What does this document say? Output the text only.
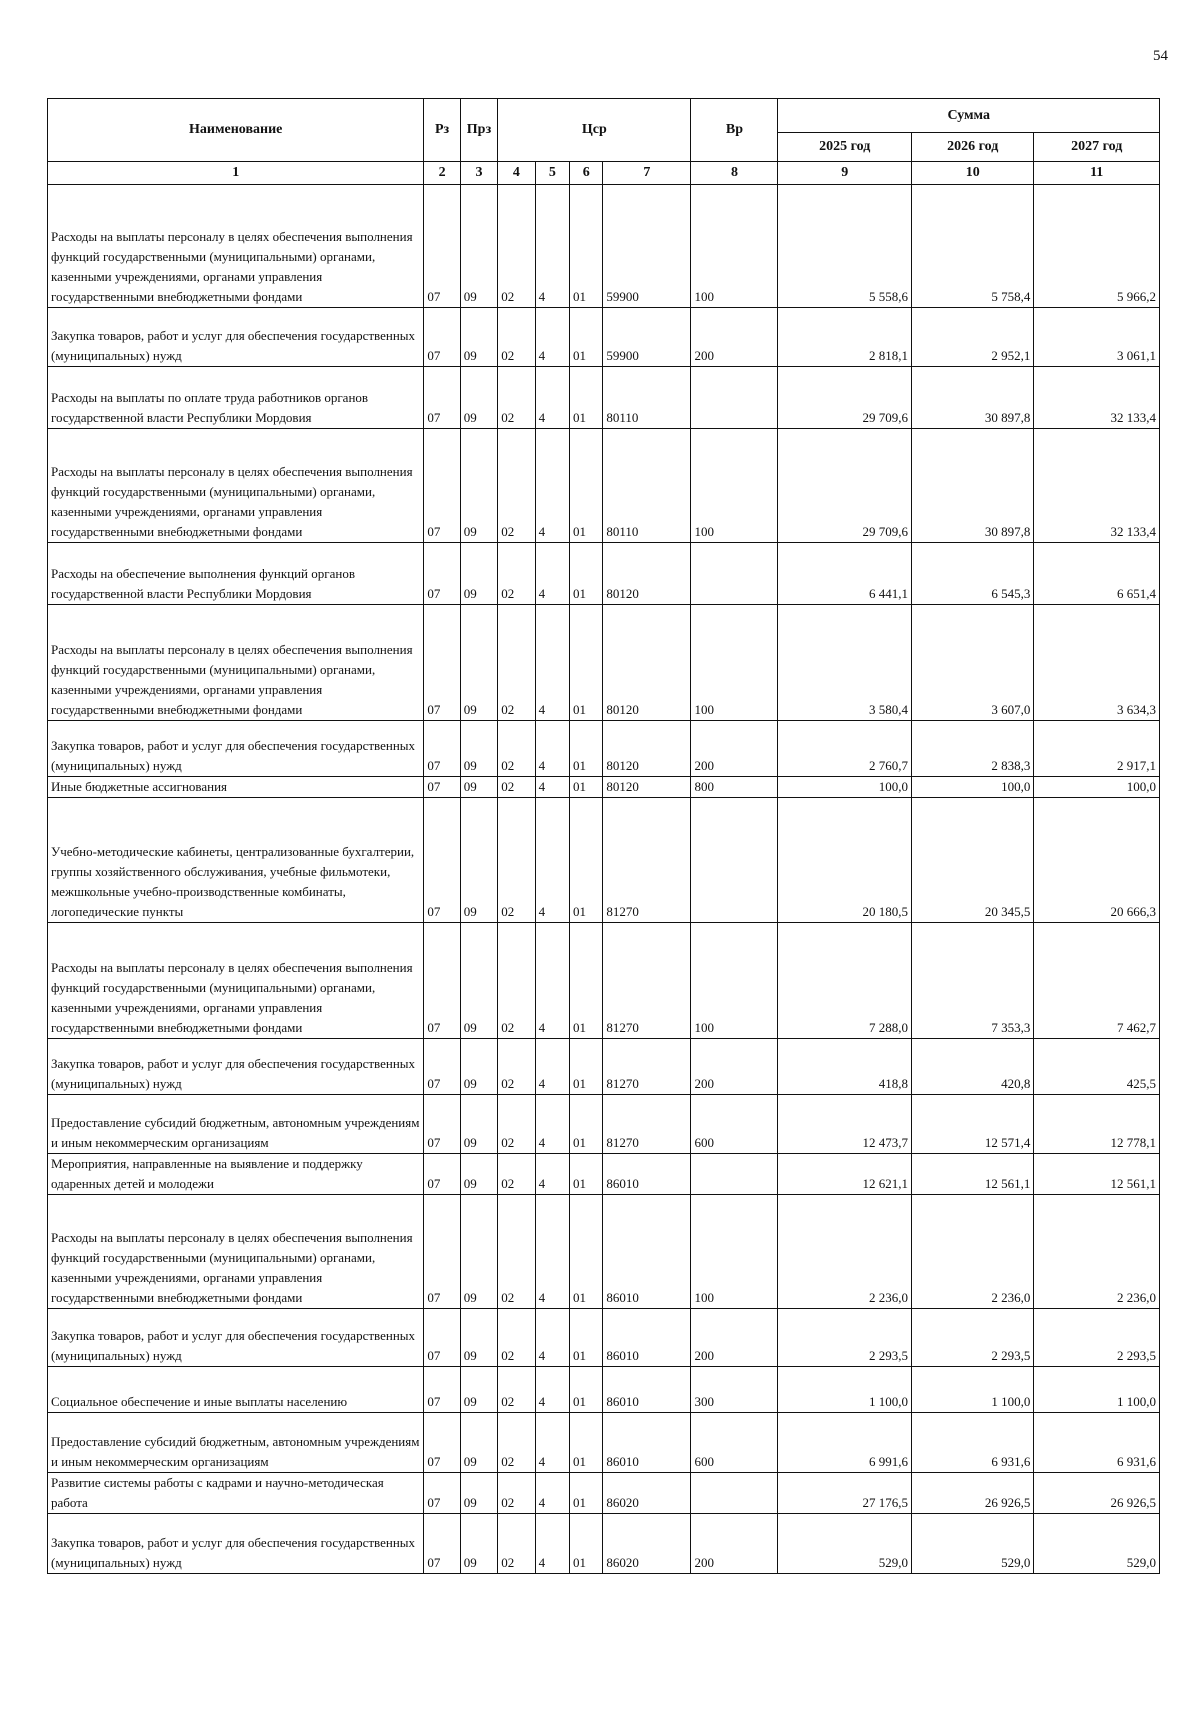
54
Наименование	Рз	Прз	Цср				Вр	Сумма		
								2025 год	2026 год	2027 год
1	2	3	4	5	6	7	8	9	10	11
Расходы на выплаты персоналу в целях обеспечения выполнения функций государственными (муниципальными) органами, казенными учреждениями, органами управления государственными внебюджетными фондами	07	09	02	4	01	59900	100	5 558,6	5 758,4	5 966,2
Закупка товаров, работ и услуг для обеспечения государственных (муниципальных) нужд	07	09	02	4	01	59900	200	2 818,1	2 952,1	3 061,1
Расходы на выплаты по оплате труда работников органов государственной власти Республики Мордовия	07	09	02	4	01	80110		29 709,6	30 897,8	32 133,4
Расходы на выплаты персоналу в целях обеспечения выполнения функций государственными (муниципальными) органами, казенными учреждениями, органами управления государственными внебюджетными фондами	07	09	02	4	01	80110	100	29 709,6	30 897,8	32 133,4
Расходы на обеспечение выполнения функций органов государственной власти Республики Мордовия	07	09	02	4	01	80120		6 441,1	6 545,3	6 651,4
Расходы на выплаты персоналу в целях обеспечения выполнения функций государственными (муниципальными) органами, казенными учреждениями, органами управления государственными внебюджетными фондами	07	09	02	4	01	80120	100	3 580,4	3 607,0	3 634,3
Закупка товаров, работ и услуг для обеспечения государственных (муниципальных) нужд	07	09	02	4	01	80120	200	2 760,7	2 838,3	2 917,1
Иные бюджетные ассигнования	07	09	02	4	01	80120	800	100,0	100,0	100,0
Учебно-методические кабинеты, централизованные бухгалтерии, группы хозяйственного обслуживания, учебные фильмотеки, межшкольные учебно-производственные комбинаты, логопедические пункты	07	09	02	4	01	81270		20 180,5	20 345,5	20 666,3
Расходы на выплаты персоналу в целях обеспечения выполнения функций государственными (муниципальными) органами, казенными учреждениями, органами управления государственными внебюджетными фондами	07	09	02	4	01	81270	100	7 288,0	7 353,3	7 462,7
Закупка товаров, работ и услуг для обеспечения государственных (муниципальных) нужд	07	09	02	4	01	81270	200	418,8	420,8	425,5
Предоставление субсидий бюджетным, автономным учреждениям и иным некоммерческим организациям	07	09	02	4	01	81270	600	12 473,7	12 571,4	12 778,1
Мероприятия, направленные на выявление и поддержку одаренных детей и молодежи	07	09	02	4	01	86010		12 621,1	12 561,1	12 561,1
Расходы на выплаты персоналу в целях обеспечения выполнения функций государственными (муниципальными) органами, казенными учреждениями, органами управления государственными внебюджетными фондами	07	09	02	4	01	86010	100	2 236,0	2 236,0	2 236,0
Закупка товаров, работ и услуг для обеспечения государственных (муниципальных) нужд	07	09	02	4	01	86010	200	2 293,5	2 293,5	2 293,5
Социальное обеспечение и иные выплаты населению	07	09	02	4	01	86010	300	1 100,0	1 100,0	1 100,0
Предоставление субсидий бюджетным, автономным учреждениям и иным некоммерческим организациям	07	09	02	4	01	86010	600	6 991,6	6 931,6	6 931,6
Развитие системы работы с кадрами и научно-методическая работа	07	09	02	4	01	86020		27 176,5	26 926,5	26 926,5
Закупка товаров, работ и услуг для обеспечения государственных (муниципальных) нужд	07	09	02	4	01	86020	200	529,0	529,0	529,0
